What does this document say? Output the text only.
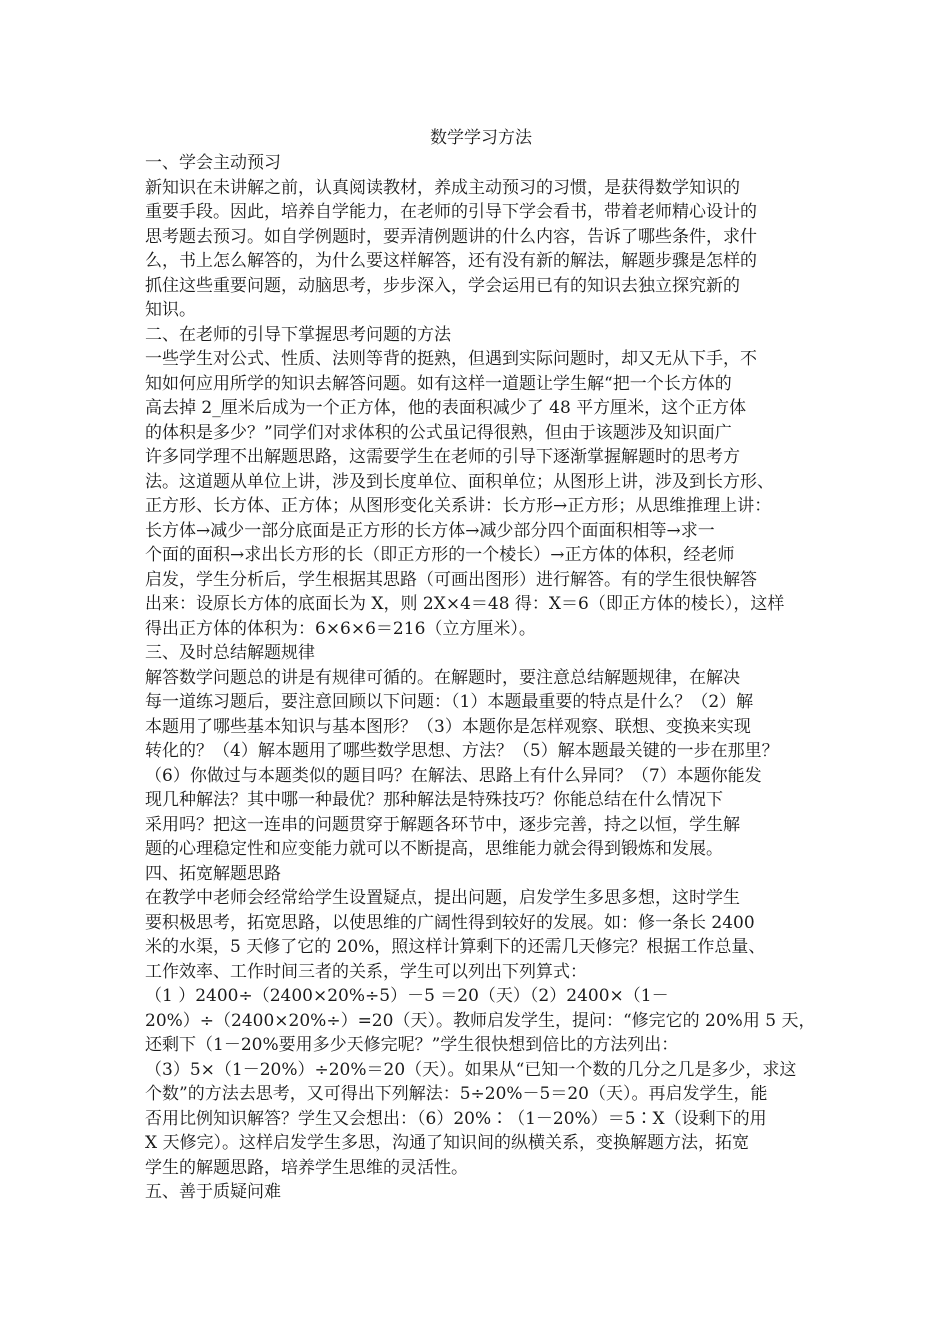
数学学习方法
一、学会主动预习
新知识在未讲解之前，认真阅读教材，养成主动预习的习惯，是获得数学知识的
重要手段。因此，培养自学能力，在老师的引导下学会看书，带着老师精心设计的
思考题去预习。如自学例题时，要弄清例题讲的什么内容，告诉了哪些条件，求什
么，书上怎么解答的，为什么要这样解答，还有没有新的解法，解题步骤是怎样的
抓住这些重要问题，动脑思考，步步深入，学会运用已有的知识去独立探究新的
知识。
二、在老师的引导下掌握思考问题的方法
一些学生对公式、性质、法则等背的挺熟，但遇到实际问题时，却又无从下手，不
知如何应用所学的知识去解答问题。如有这样一道题让学生解“把一个长方体的
高去掉 2_厘米后成为一个正方体，他的表面积减少了 48 平方厘米，这个正方体
的体积是多少？”同学们对求体积的公式虽记得很熟，但由于该题涉及知识面广
许多同学理不出解题思路，这需要学生在老师的引导下逐渐掌握解题时的思考方
法。这道题从单位上讲，涉及到长度单位、面积单位；从图形上讲，涉及到长方形、
正方形、长方体、正方体；从图形变化关系讲：长方形→正方形；从思维推理上讲：
长方体→减少一部分底面是正方形的长方体→减少部分四个面面积相等→求一
个面的面积→求出长方形的长（即正方形的一个棱长）→正方体的体积，经老师
启发，学生分析后，学生根据其思路（可画出图形）进行解答。有的学生很快解答
出来：设原长方体的底面长为 X，则 2X×4＝48 得：X＝6（即正方体的棱长），这样
得出正方体的体积为：6×6×6＝216（立方厘米）。
三、及时总结解题规律
解答数学问题总的讲是有规律可循的。在解题时，要注意总结解题规律，在解决
每一道练习题后，要注意回顾以下问题：（1）本题最重要的特点是什么？（2）解
本题用了哪些基本知识与基本图形？（3）本题你是怎样观察、联想、变换来实现
转化的？（4）解本题用了哪些数学思想、方法？（5）解本题最关键的一步在那里？
（6）你做过与本题类似的题目吗？在解法、思路上有什么异同？（7）本题你能发
现几种解法？其中哪一种最优？那种解法是特殊技巧？你能总结在什么情况下
采用吗？把这一连串的问题贯穿于解题各环节中，逐步完善，持之以恒，学生解
题的心理稳定性和应变能力就可以不断提高，思维能力就会得到锻炼和发展。
四、拓宽解题思路
在教学中老师会经常给学生设置疑点，提出问题，启发学生多思多想，这时学生
要积极思考，拓宽思路，以使思维的广阔性得到较好的发展。如：修一条长 2400
米的水渠，5 天修了它的 20%，照这样计算剩下的还需几天修完？根据工作总量、
工作效率、工作时间三者的关系，学生可以列出下列算式：
（1 ）2400÷（2400×20%÷5）－5 ＝20（天）（2）2400×（1－
20%）÷（2400×20%÷）=20（天）。教师启发学生，提问：“修完它的 20%用 5 天，
还剩下（1－20%要用多少天修完呢？”学生很快想到倍比的方法列出：
（3）5×（1－20%）÷20%＝20（天）。如果从“已知一个数的几分之几是多少，求这
个数”的方法去思考，又可得出下列解法：5÷20%－5＝20（天）。再启发学生，能
否用比例知识解答？学生又会想出：（6）20%∶（1－20%）＝5∶X（设剩下的用
X 天修完）。这样启发学生多思，沟通了知识间的纵横关系，变换解题方法，拓宽
学生的解题思路，培养学生思维的灵活性。
五、善于质疑问难
